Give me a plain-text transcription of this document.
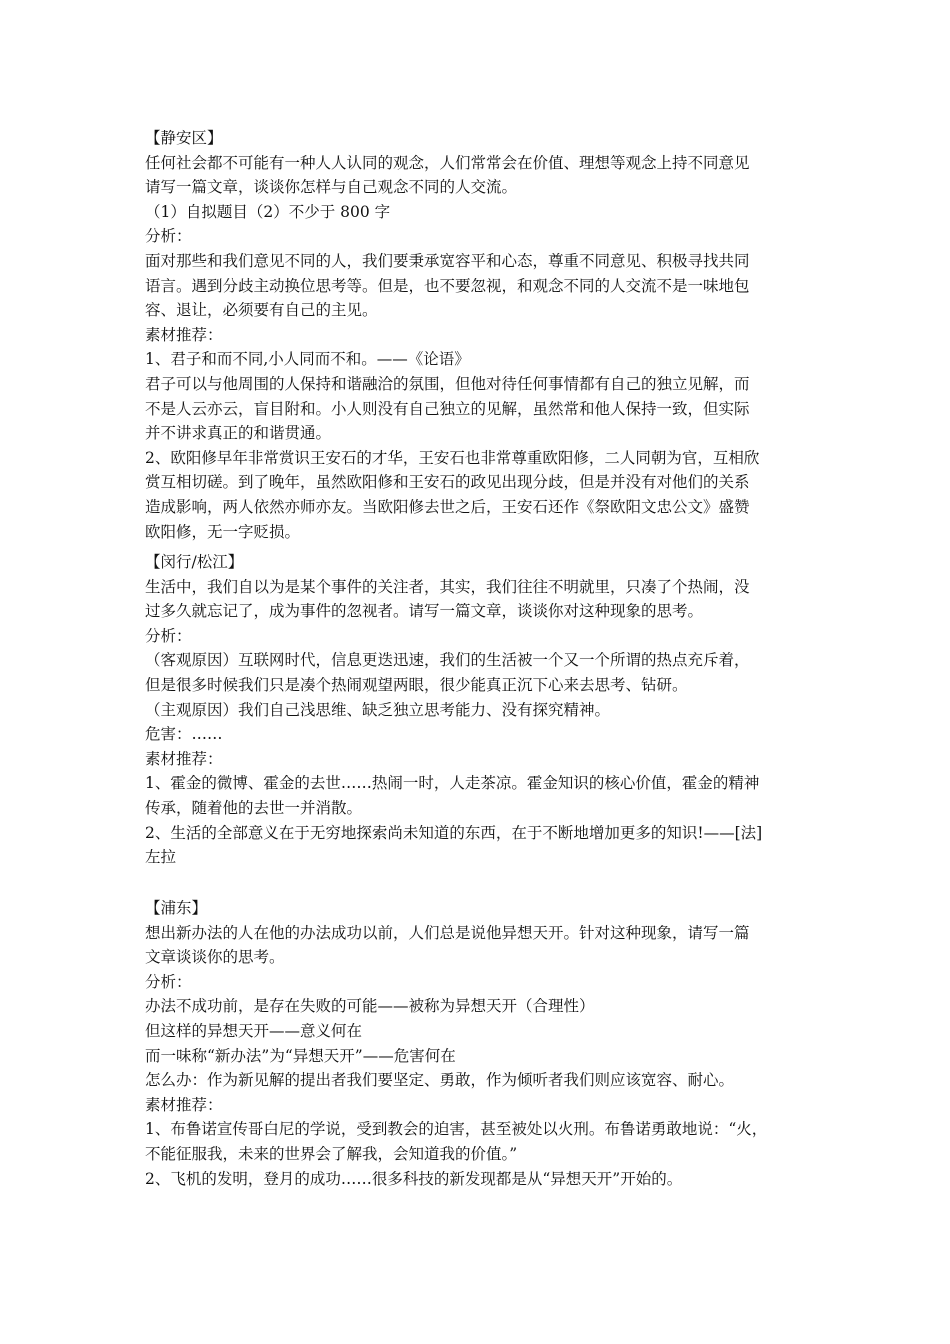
【静安区】
任何社会都不可能有一种人人认同的观念，人们常常会在价值、理想等观念上持不同意见
请写一篇文章，谈谈你怎样与自己观念不同的人交流。
（1）自拟题目（2）不少于 800 字
分析：
面对那些和我们意见不同的人，我们要秉承宽容平和心态，尊重不同意见、积极寻找共同
语言。遇到分歧主动换位思考等。但是，也不要忽视，和观念不同的人交流不是一味地包
容、退让，必须要有自己的主见。
素材推荐：
1、君子和而不同,小人同而不和。——《论语》
君子可以与他周围的人保持和谐融洽的氛围，但他对待任何事情都有自己的独立见解，而
不是人云亦云，盲目附和。小人则没有自己独立的见解，虽然常和他人保持一致，但实际
并不讲求真正的和谐贯通。
2、欧阳修早年非常赏识王安石的才华，王安石也非常尊重欧阳修，二人同朝为官，互相欣
赏互相切磋。到了晚年，虽然欧阳修和王安石的政见出现分歧，但是并没有对他们的关系
造成影响，两人依然亦师亦友。当欧阳修去世之后，王安石还作《祭欧阳文忠公文》盛赞
欧阳修，无一字贬损。
【闵行/松江】
生活中，我们自以为是某个事件的关注者，其实，我们往往不明就里，只凑了个热闹，没
过多久就忘记了，成为事件的忽视者。请写一篇文章，谈谈你对这种现象的思考。
分析：
（客观原因）互联网时代，信息更迭迅速，我们的生活被一个又一个所谓的热点充斥着，
但是很多时候我们只是凑个热闹观望两眼，很少能真正沉下心来去思考、钻研。
（主观原因）我们自己浅思维、缺乏独立思考能力、没有探究精神。
危害：……
素材推荐：
1、霍金的微博、霍金的去世……热闹一时，人走茶凉。霍金知识的核心价值，霍金的精神
传承，随着他的去世一并消散。
2、生活的全部意义在于无穷地探索尚未知道的东西，在于不断地增加更多的知识!——[法]
左拉
【浦东】
想出新办法的人在他的办法成功以前，人们总是说他异想天开。针对这种现象，请写一篇
文章谈谈你的思考。
分析：
办法不成功前，是存在失败的可能——被称为异想天开（合理性）
但这样的异想天开——意义何在
而一味称“新办法”为“异想天开”——危害何在
怎么办：作为新见解的提出者我们要坚定、勇敢，作为倾听者我们则应该宽容、耐心。
素材推荐：
1、布鲁诺宣传哥白尼的学说，受到教会的迫害，甚至被处以火刑。布鲁诺勇敢地说：“火，
不能征服我，未来的世界会了解我，会知道我的价值。”
2、飞机的发明，登月的成功……很多科技的新发现都是从“异想天开”开始的。
